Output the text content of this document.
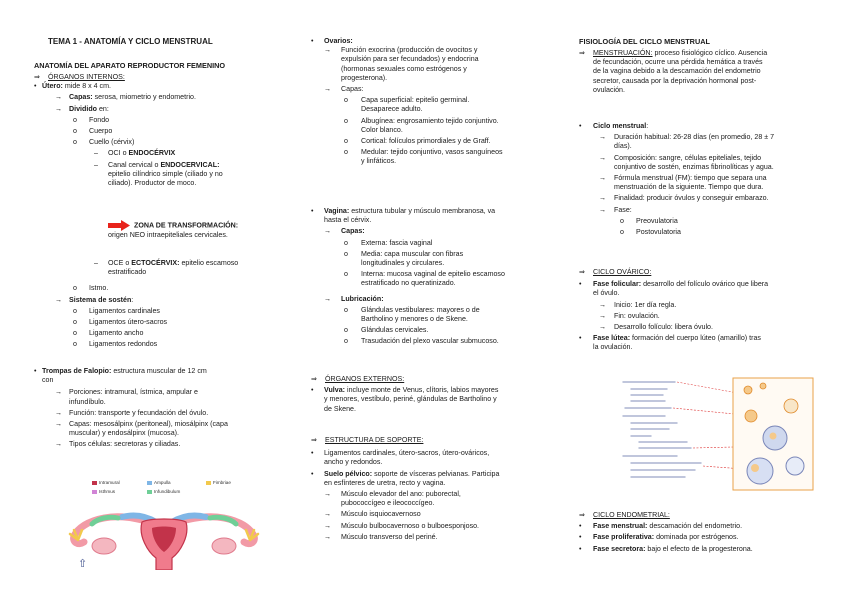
TEMA 1 - ANATOMÍA Y CICLO MENSTRUAL
ANATOMÍA DEL APARATO REPRODUCTOR FEMENINO
⇒ ÓRGANOS INTERNOS:
• Útero: mide 8 x 4 cm.
→ Capas: serosa, miometrio y endometrio.
→ Dividido en:
o Fondo
o Cuerpo
o Cuello (cérvix)
– OCI o ENDOCÉRVIX
– Canal cervical o ENDOCERVICAL:
epitelio cilíndrico simple (ciliado y no
ciliado). Productor de moco.
ZONA DE TRANSFORMACIÓN:
origen NEO intraepiteliales cervicales.
– OCE o ECTOCÉRVIX: epitelio escamoso
estratificado
o Istmo.
→ Sistema de sostén:
o Ligamentos cardinales
o Ligamentos útero-sacros
o Ligamento ancho
o Ligamentos redondos
• Trompas de Falopio: estructura muscular de 12 cm
con
→ Porciones: intramural, ístmica, ampular e
infundíbulo.
→ Función: transporte y fecundación del óvulo.
→ Capas: mesosálpinx (peritoneal), miosálpinx (capa
muscular) y endosálpinx (mucosa).
→ Tipos células: secretoras y ciliadas.
Intramural	Ampulla	Fimbriae
Isthmus	Infundibulum
⇧
• Ovarios:
→ Función exocrina (producción de ovocitos y
expulsión para ser fecundados) y endocrina
(hormonas sexuales como estrógenos y
progesterona).
→ Capas:
o Capa superficial: epitelio germinal.
Desaparece adulto.
o Albugínea: engrosamiento tejido conjuntivo.
Color blanco.
o Cortical: folículos primordiales y de Graff.
o Medular: tejido conjuntivo, vasos sanguíneos
y linfáticos.
• Vagina: estructura tubular y músculo membranosa, va
hasta el cérvix.
→ Capas:
o Externa: fascia vaginal
o Media: capa muscular con fibras
longitudinales y circulares.
o Interna: mucosa vaginal de epitelio escamoso
estratificado no queratinizado.
→ Lubricación:
o Glándulas vestibulares: mayores o de
Bartholino y menores o de Skene.
o Glándulas cervicales.
o Trasudación del plexo vascular submucoso.
⇒ ÓRGANOS EXTERNOS:
• Vulva: incluye monte de Venus, clítoris, labios mayores
y menores, vestíbulo, periné, glándulas de Bartholino y
de Skene.
⇒ ESTRUCTURA DE SOPORTE:
• Ligamentos cardinales, útero-sacros, útero-ováricos,
ancho y redondos.
• Suelo pélvico: soporte de vísceras pelvianas. Participa
en esfínteres de uretra, recto y vagina.
→ Músculo elevador del ano: puborectal,
pubococcígeo e ileococcígeo.
→ Músculo isquiocavernoso
→ Músculo bulbocavernoso o bulboesponjoso.
→ Músculo transverso del periné.
FISIOLOGÍA DEL CICLO MENSTRUAL
⇒ MENSTRUACIÓN: proceso fisiológico cíclico. Ausencia
de fecundación, ocurre una pérdida hemática a través
de la vagina debido a la descamación del endometrio
secretor, causada por la deprivación hormonal post-
ovulación.
• Ciclo menstrual:
→ Duración habitual: 26-28 días (en promedio, 28 ± 7
días).
→ Composición: sangre, células epiteliales, tejido
conjuntivo de sostén, enzimas fibrinolíticas y agua.
→ Fórmula menstrual (FM): tiempo que separa una
menstruación de la siguiente. Tiempo que dura.
→ Finalidad: producir óvulos y conseguir embarazo.
→ Fase:
o Preovulatoria
o Postovulatoria
⇒ CICLO OVÁRICO:
• Fase folicular: desarrollo del folículo ovárico que libera
el óvulo.
→ Inicio: 1er día regla.
→ Fin: ovulación.
→ Desarrollo folículo: libera óvulo.
• Fase lútea: formación del cuerpo lúteo (amarillo) tras
la ovulación.
⇒ CICLO ENDOMETRIAL:
• Fase menstrual: descamación del endometrio.
• Fase proliferativa: dominada por estrógenos.
• Fase secretora: bajo el efecto de la progesterona.
